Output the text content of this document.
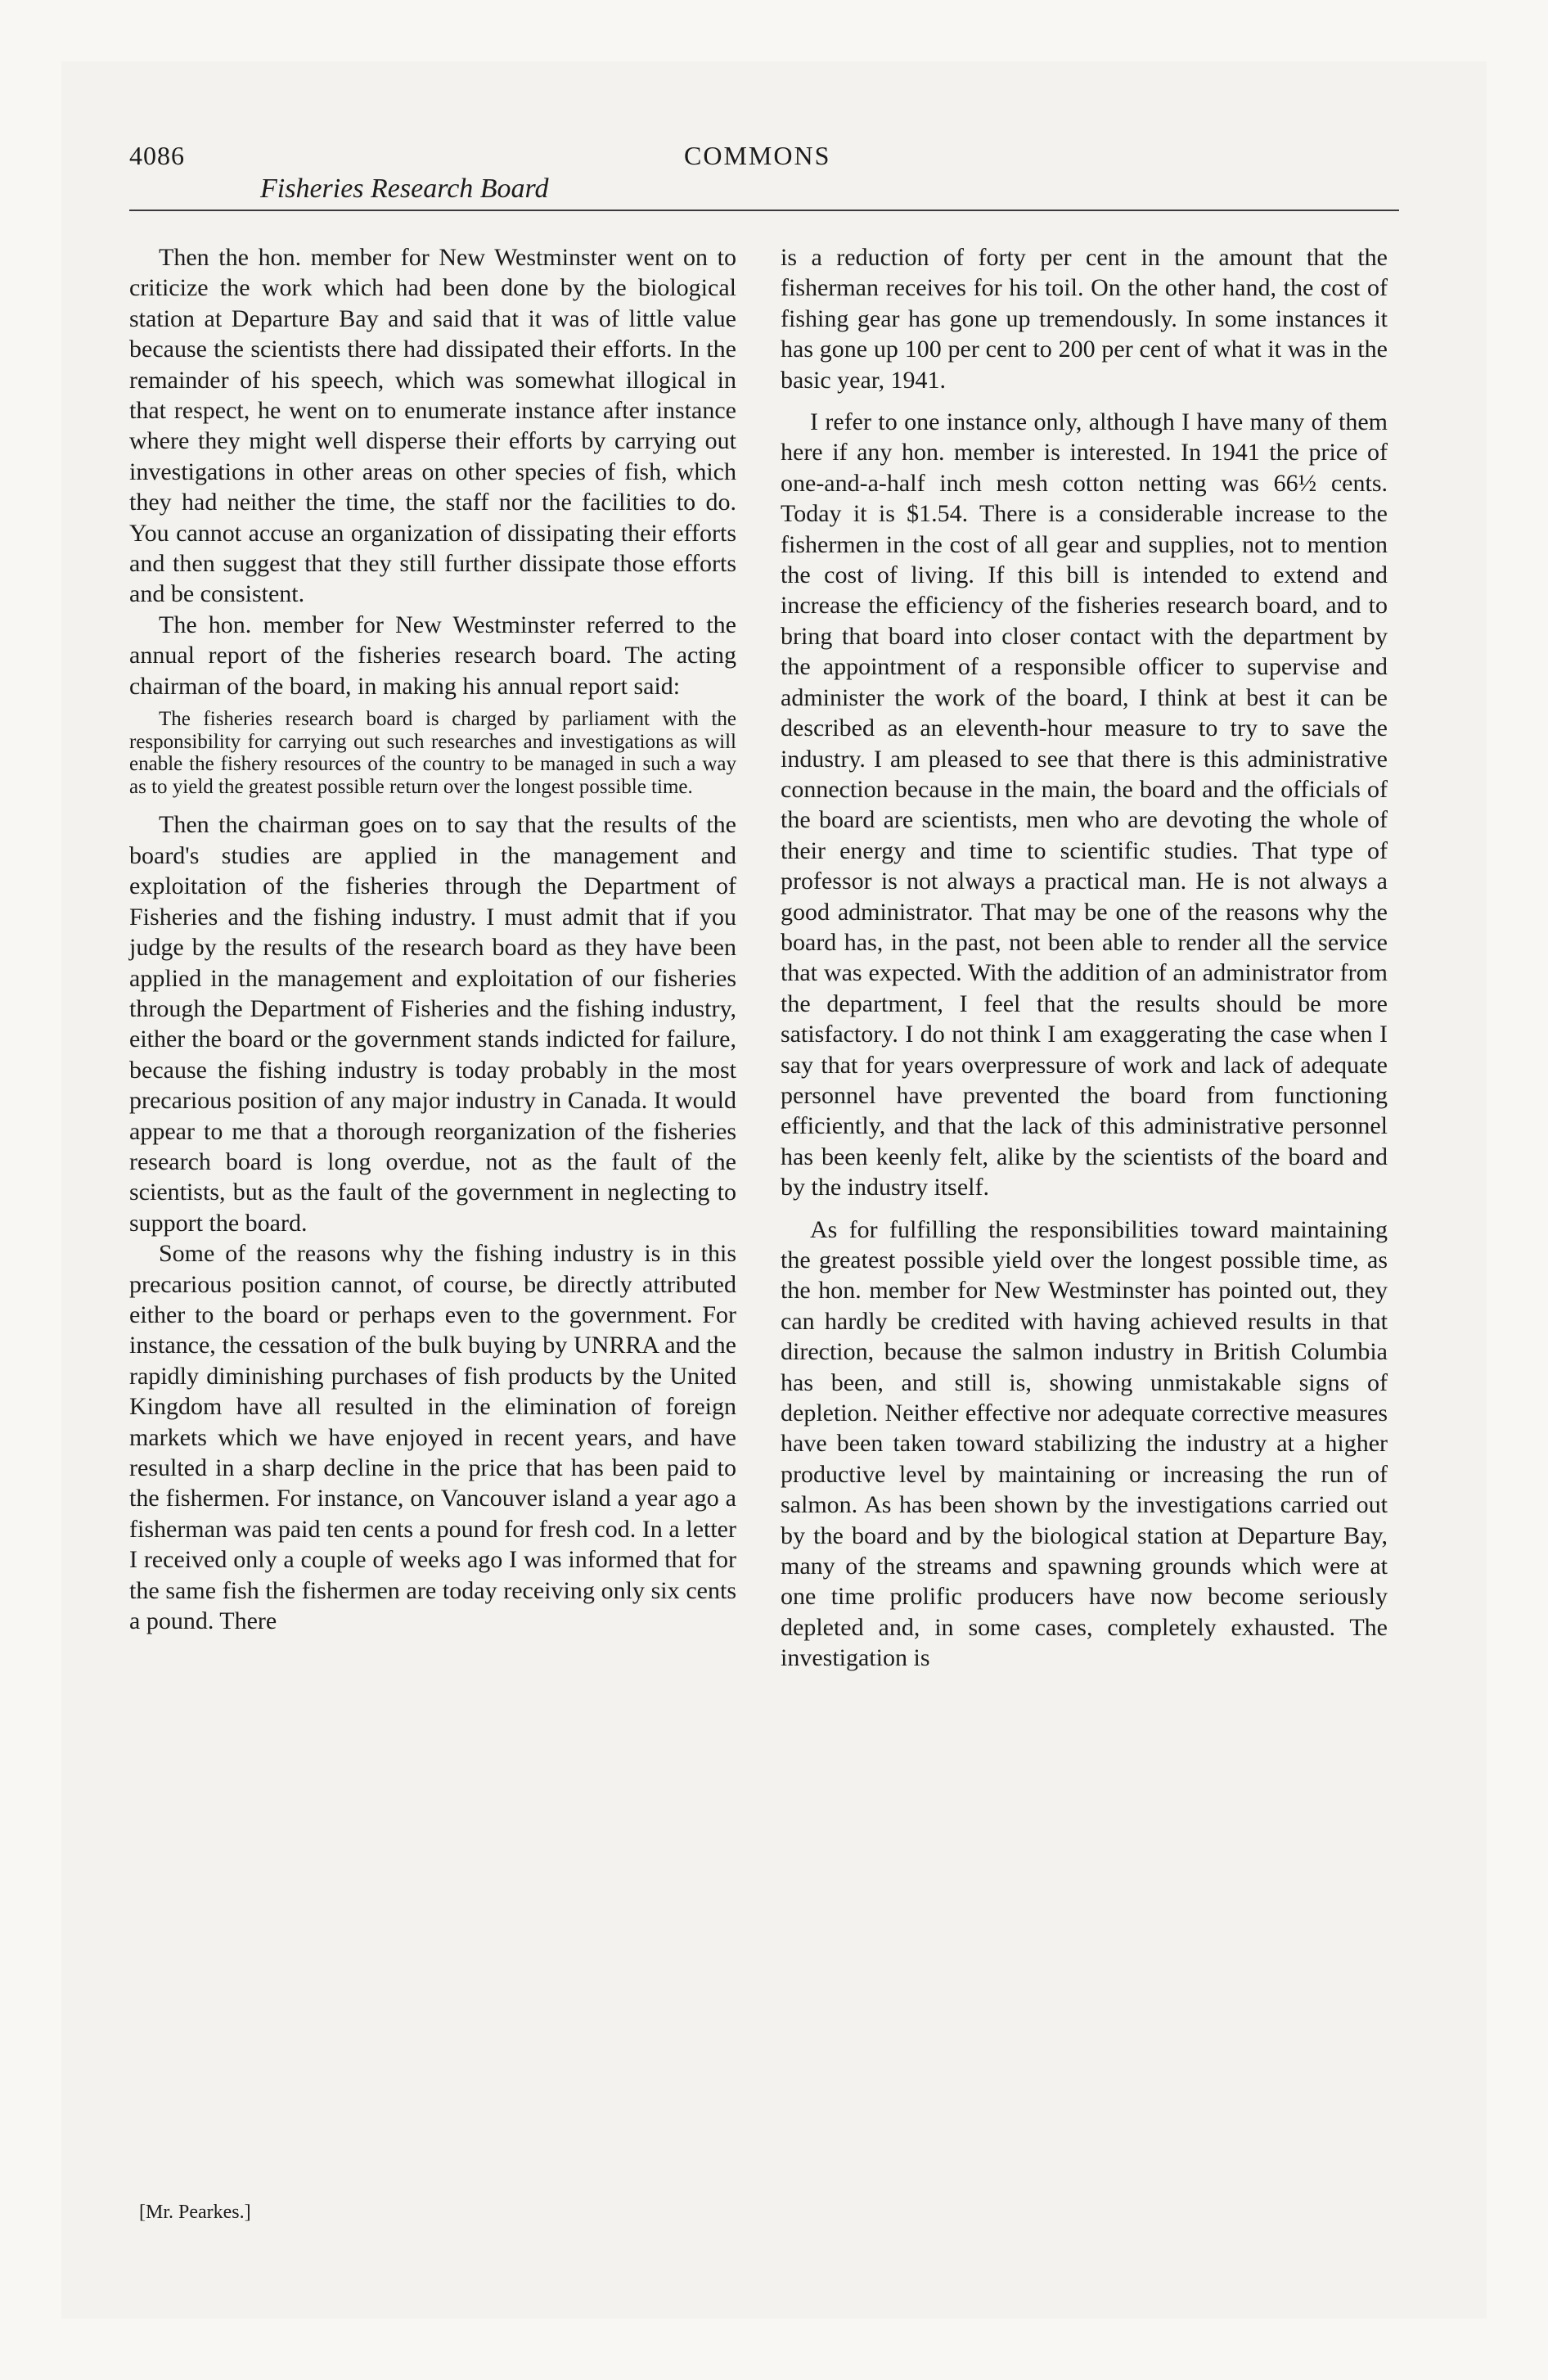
4086	COMMONS
Fisheries Research Board

Then the hon. member for New Westminster went on to criticize the work which had been done by the biological station at Departure Bay and said that it was of little value because the scientists there had dissipated their efforts. In the remainder of his speech, which was somewhat illogical in that respect, he went on to enumerate instance after instance where they might well disperse their efforts by carrying out investigations in other areas on other species of fish, which they had neither the time, the staff nor the facilities to do. You cannot accuse an organization of dissipating their efforts and then suggest that they still further dissipate those efforts and be consistent.

The hon. member for New Westminster referred to the annual report of the fisheries research board. The acting chairman of the board, in making his annual report said:

The fisheries research board is charged by parliament with the responsibility for carrying out such researches and investigations as will enable the fishery resources of the country to be managed in such a way as to yield the greatest possible return over the longest possible time.

Then the chairman goes on to say that the results of the board's studies are applied in the management and exploitation of the fisheries through the Department of Fisheries and the fishing industry. I must admit that if you judge by the results of the research board as they have been applied in the management and exploitation of our fisheries through the Department of Fisheries and the fishing industry, either the board or the government stands indicted for failure, because the fishing industry is today probably in the most precarious position of any major industry in Canada. It would appear to me that a thorough reorganization of the fisheries research board is long overdue, not as the fault of the scientists, but as the fault of the government in neglecting to support the board.

Some of the reasons why the fishing industry is in this precarious position cannot, of course, be directly attributed either to the board or perhaps even to the government. For instance, the cessation of the bulk buying by UNRRA and the rapidly diminishing purchases of fish products by the United Kingdom have all resulted in the elimination of foreign markets which we have enjoyed in recent years, and have resulted in a sharp decline in the price that has been paid to the fishermen. For instance, on Vancouver island a year ago a fisherman was paid ten cents a pound for fresh cod. In a letter I received only a couple of weeks ago I was informed that for the same fish the fishermen are today receiving only six cents a pound. There

is a reduction of forty per cent in the amount that the fisherman receives for his toil. On the other hand, the cost of fishing gear has gone up tremendously. In some instances it has gone up 100 per cent to 200 per cent of what it was in the basic year, 1941.

I refer to one instance only, although I have many of them here if any hon. member is interested. In 1941 the price of one-and-a-half inch mesh cotton netting was 66½ cents. Today it is $1.54. There is a considerable increase to the fishermen in the cost of all gear and supplies, not to mention the cost of living. If this bill is intended to extend and increase the efficiency of the fisheries research board, and to bring that board into closer contact with the department by the appointment of a responsible officer to supervise and administer the work of the board, I think at best it can be described as an eleventh-hour measure to try to save the industry. I am pleased to see that there is this administrative connection because in the main, the board and the officials of the board are scientists, men who are devoting the whole of their energy and time to scientific studies. That type of professor is not always a practical man. He is not always a good administrator. That may be one of the reasons why the board has, in the past, not been able to render all the service that was expected. With the addition of an administrator from the department, I feel that the results should be more satisfactory. I do not think I am exaggerating the case when I say that for years overpressure of work and lack of adequate personnel have prevented the board from functioning efficiently, and that the lack of this administrative personnel has been keenly felt, alike by the scientists of the board and by the industry itself.

As for fulfilling the responsibilities toward maintaining the greatest possible yield over the longest possible time, as the hon. member for New Westminster has pointed out, they can hardly be credited with having achieved results in that direction, because the salmon industry in British Columbia has been, and still is, showing unmistakable signs of depletion. Neither effective nor adequate corrective measures have been taken toward stabilizing the industry at a higher productive level by maintaining or increasing the run of salmon. As has been shown by the investigations carried out by the board and by the biological station at Departure Bay, many of the streams and spawning grounds which were at one time prolific producers have now become seriously depleted and, in some cases, completely exhausted. The investigation is

[Mr. Pearkes.]
